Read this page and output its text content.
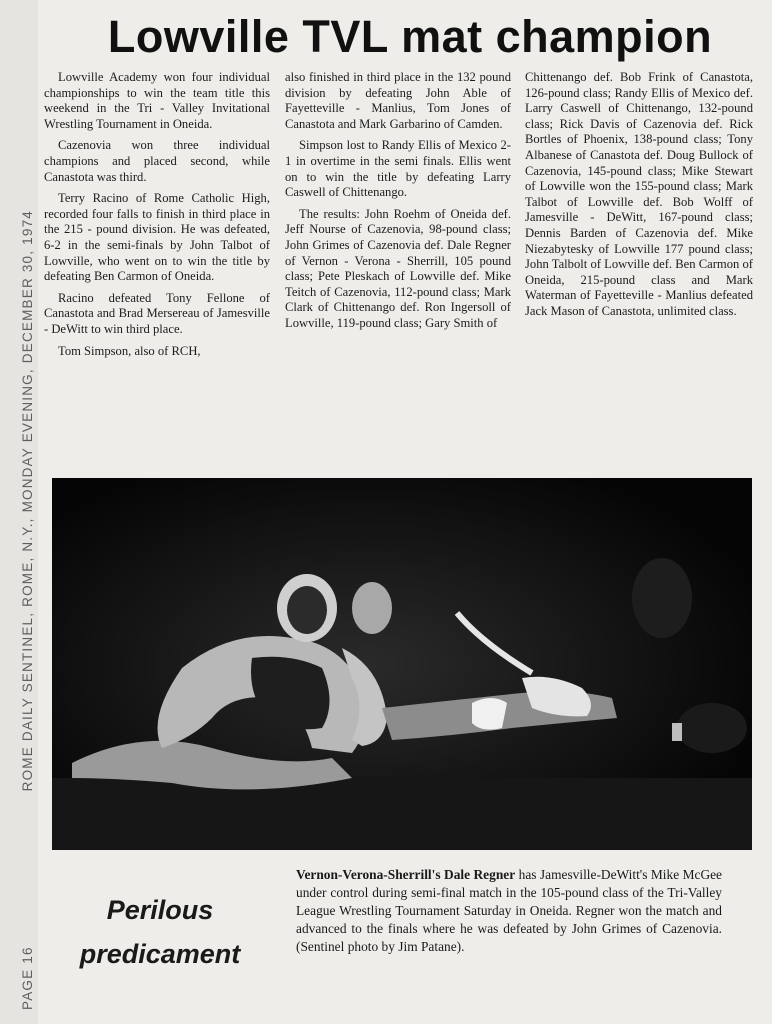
PAGE 16
ROME DAILY SENTINEL, ROME, N.Y., MONDAY EVENING, DECEMBER 30, 1974
Lowville TVL mat champion

Lowville Academy won four individual championships to win the team title this weekend in the Tri - Valley Invitational Wrestling Tournament in Oneida.

Cazenovia won three individual champions and placed second, while Canastota was third.

Terry Racino of Rome Catholic High, recorded four falls to finish in third place in the 215 - pound division. He was defeated, 6-2 in the semi-finals by John Talbot of Lowville, who went on to win the title by defeating Ben Carmon of Oneida.

Racino defeated Tony Fellone of Canastota and Brad Mersereau of Jamesville - DeWitt to win third place.

Tom Simpson, also of RCH,

also finished in third place in the 132 pound division by defeating John Able of Fayetteville - Manlius, Tom Jones of Canastota and Mark Garbarino of Camden.

Simpson lost to Randy Ellis of Mexico 2-1 in overtime in the semi finals. Ellis went on to win the title by defeating Larry Caswell of Chittenango.

The results: John Roehm of Oneida def. Jeff Nourse of Cazenovia, 98-pound class; John Grimes of Cazenovia def. Dale Regner of Vernon - Verona - Sherrill, 105 pound class; Pete Pleskach of Lowville def. Mike Teitch of Cazenovia, 112-pound class; Mark Clark of Chittenango def. Ron Ingersoll of Lowville, 119-pound class; Gary Smith of

Chittenango def. Bob Frink of Canastota, 126-pound class; Randy Ellis of Mexico def. Larry Caswell of Chittenango, 132-pound class; Rick Davis of Cazenovia def. Rick Bortles of Phoenix, 138-pound class; Tony Albanese of Canastota def. Doug Bullock of Cazenovia, 145-pound class; Mike Stewart of Lowville won the 155-pound class; Mark Talbot of Lowville def. Bob Wolff of Jamesville - DeWitt, 167-pound class; Dennis Barden of Cazenovia def. Mike Niezabytesky of Lowville 177 pound class; John Talbolt of Lowville def. Ben Carmon of Oneida, 215-pound class and Mark Waterman of Fayetteville - Manlius defeated Jack Mason of Canastota, unlimited class.

Perilous
predicament
Vernon-Verona-Sherrill's Dale Regner has Jamesville-DeWitt's Mike McGee under control during semi-final match in the 105-pound class of the Tri-Valley League Wrestling Tournament Saturday in Oneida. Regner won the match and advanced to the finals where he was defeated by John Grimes of Cazenovia. (Sentinel photo by Jim Patane).
